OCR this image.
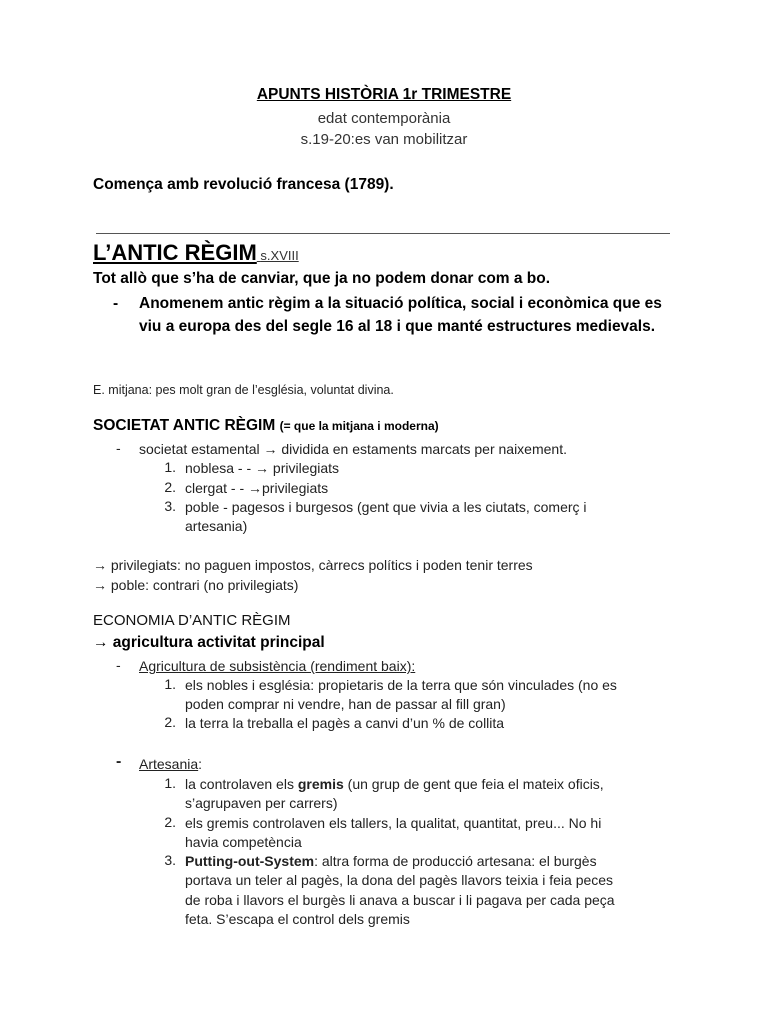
APUNTS HISTÒRIA 1r TRIMESTRE
edat contemporània
s.19-20:es van mobilitzar
Comença amb revolució francesa (1789).
L’ANTIC RÈGIM s.XVIII
Tot allò que s’ha de canviar, que ja no podem donar com a bo.
- Anomenem antic règim a la situació política, social i econòmica que es viu a europa des del segle 16 al 18 i que manté estructures medievals.
E. mitjana: pes molt gran de l’església, voluntat divina.
SOCIETAT ANTIC RÈGIM (= que la mitjana i moderna)
- societat estamental → dividida en estaments marcats per naixement.
1. noblesa - - → privilegiats
2. clergat - - →privilegiats
3. poble - pagesos i burgesos (gent que vivia a les ciutats, comerç i
artesania)
→ privilegiats: no paguen impostos, càrrecs polítics i poden tenir terres
→ poble: contrari (no privilegiats)
ECONOMIA D’ANTIC RÈGIM
→ agricultura activitat principal
- Agricultura de subsistència (rendiment baix):
1. els nobles i església: propietaris de la terra que són vinculades (no es
poden comprar ni vendre, han de passar al fill gran)
2. la terra la treballa el pagès a canvi d’un % de collita
- Artesania:
1. la controlaven els gremis (un grup de gent que feia el mateix oficis,
s’agrupaven per carrers)
2. els gremis controlaven els tallers, la qualitat, quantitat, preu... No hi
havia competència
3. Putting-out-System: altra forma de producció artesana: el burgès
portava un teler al pagès, la dona del pagès llavors teixia i feia peces
de roba i llavors el burgès li anava a buscar i li pagava per cada peça
feta. S’escapa el control dels gremis
